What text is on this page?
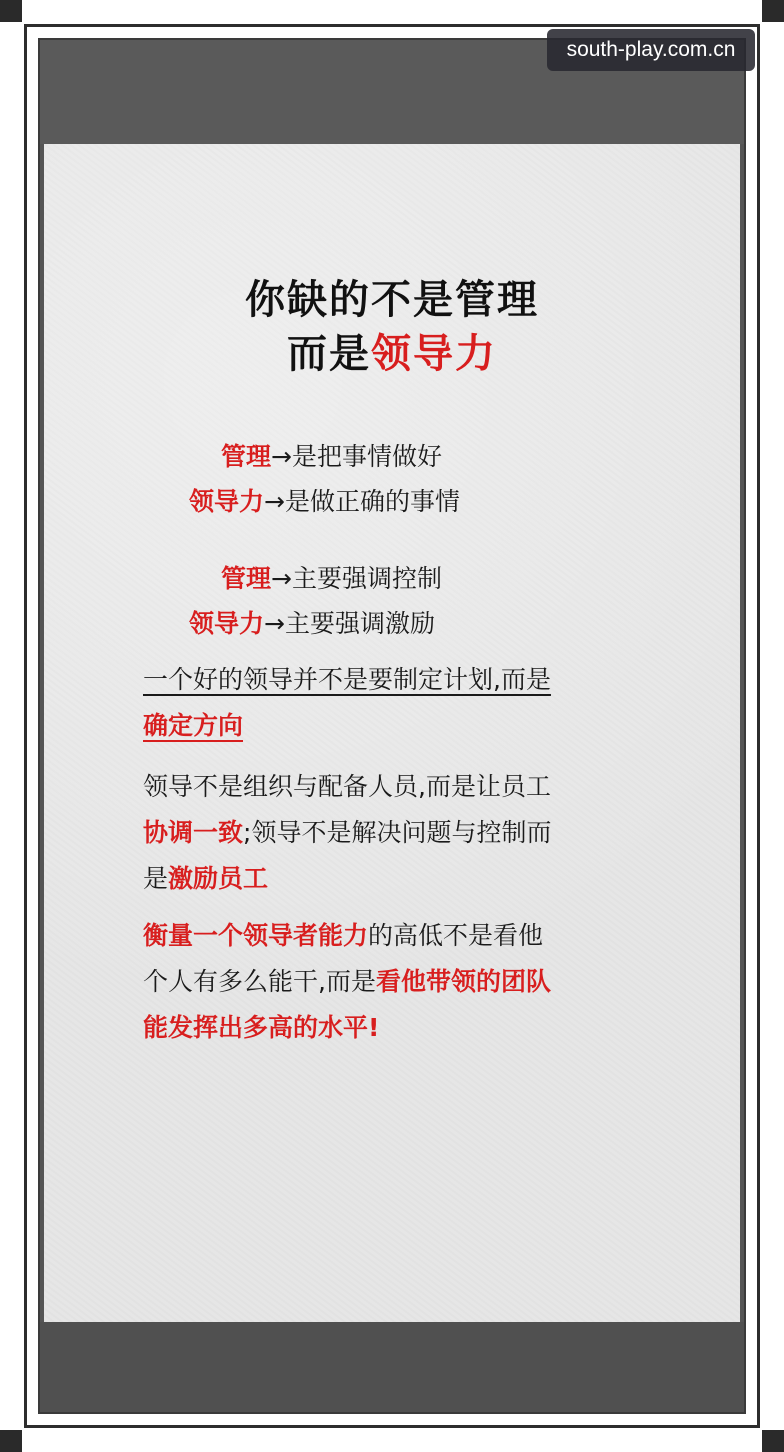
south-play.com.cn
你缺的不是管理
而是领导力
管理→是把事情做好
领导力→是做正确的事情
管理→主要强调控制
领导力→主要强调激励
一个好的领导并不是要制定计划,而是
确定方向
领导不是组织与配备人员,而是让员工
协调一致;领导不是解决问题与控制而
是激励员工
衡量一个领导者能力的高低不是看他
个人有多么能干,而是看他带领的团队
能发挥出多高的水平!
